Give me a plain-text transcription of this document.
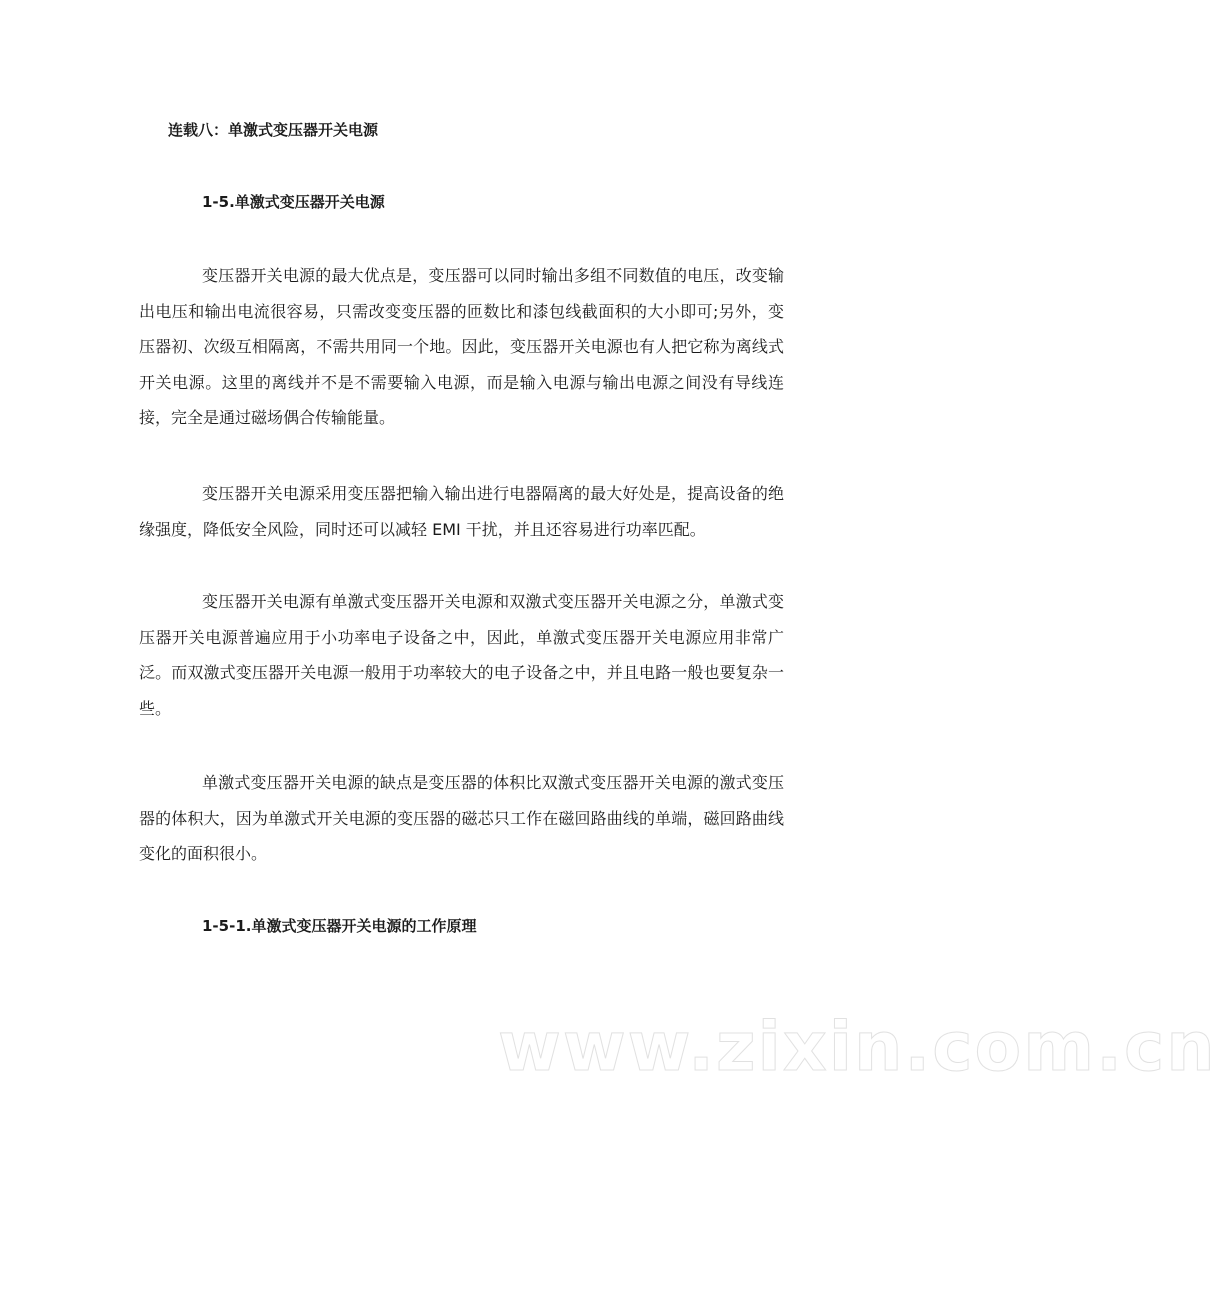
连载八：单激式变压器开关电源
1-5.单激式变压器开关电源

变压器开关电源的最大优点是，变压器可以同时输出多组不同数值的电压，改变输出电压和输出电流很容易，只需改变变压器的匝数比和漆包线截面积的大小即可;另外，变压器初、次级互相隔离，不需共用同一个地。因此，变压器开关电源也有人把它称为离线式开关电源。这里的离线并不是不需要输入电源，而是输入电源与输出电源之间没有导线连接，完全是通过磁场偶合传输能量。

变压器开关电源采用变压器把输入输出进行电器隔离的最大好处是，提高设备的绝缘强度，降低安全风险，同时还可以减轻 EMI 干扰，并且还容易进行功率匹配。

变压器开关电源有单激式变压器开关电源和双激式变压器开关电源之分，单激式变压器开关电源普遍应用于小功率电子设备之中，因此，单激式变压器开关电源应用非常广泛。而双激式变压器开关电源一般用于功率较大的电子设备之中，并且电路一般也要复杂一些。

单激式变压器开关电源的缺点是变压器的体积比双激式变压器开关电源的激式变压器的体积大，因为单激式开关电源的变压器的磁芯只工作在磁回路曲线的单端，磁回路曲线变化的面积很小。

1-5-1.单激式变压器开关电源的工作原理
www.zixin.com.cn
